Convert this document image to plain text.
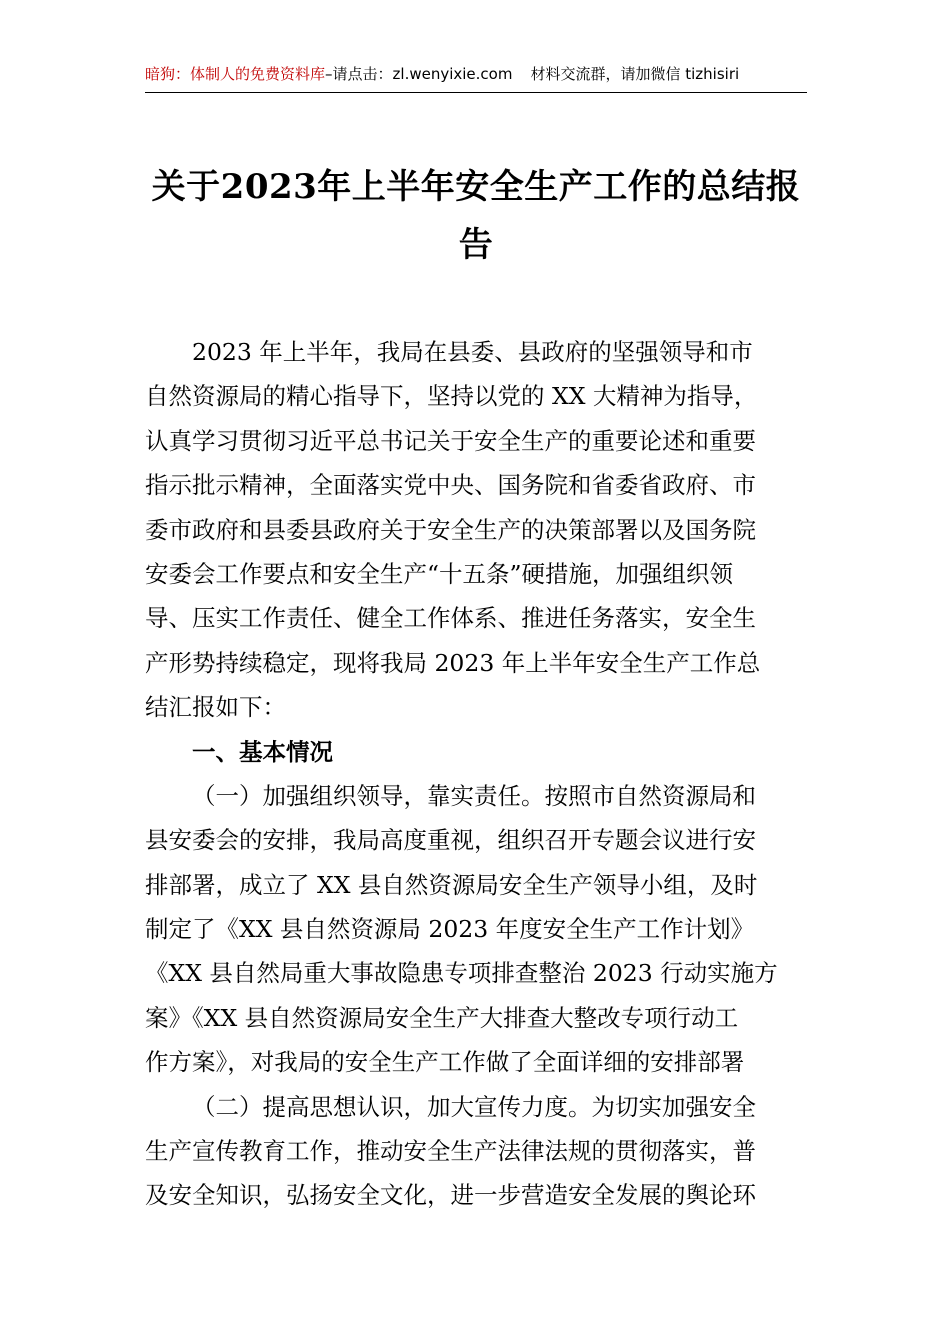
暗狗：体制人的免费资料库–请点击：zl.wenyixie.com 材料交流群，请加微信 tizhisiri
关于2023年上半年安全生产工作的总结报
告
2023 年上半年，我局在县委、县政府的坚强领导和市
自然资源局的精心指导下，坚持以党的 XX 大精神为指导，
认真学习贯彻习近平总书记关于安全生产的重要论述和重要
指示批示精神，全面落实党中央、国务院和省委省政府、市
委市政府和县委县政府关于安全生产的决策部署以及国务院
安委会工作要点和安全生产“十五条”硬措施，加强组织领
导、压实工作责任、健全工作体系、推进任务落实，安全生
产形势持续稳定，现将我局 2023 年上半年安全生产工作总
结汇报如下：
一、基本情况
（一）加强组织领导，靠实责任。按照市自然资源局和
县安委会的安排，我局高度重视，组织召开专题会议进行安
排部署，成立了 XX 县自然资源局安全生产领导小组，及时
制定了《XX 县自然资源局 2023 年度安全生产工作计划》
《XX 县自然局重大事故隐患专项排查整治 2023 行动实施方
案》《XX 县自然资源局安全生产大排查大整改专项行动工
作方案》，对我局的安全生产工作做了全面详细的安排部署
（二）提高思想认识，加大宣传力度。为切实加强安全
生产宣传教育工作，推动安全生产法律法规的贯彻落实，普
及安全知识，弘扬安全文化，进一步营造安全发展的舆论环
